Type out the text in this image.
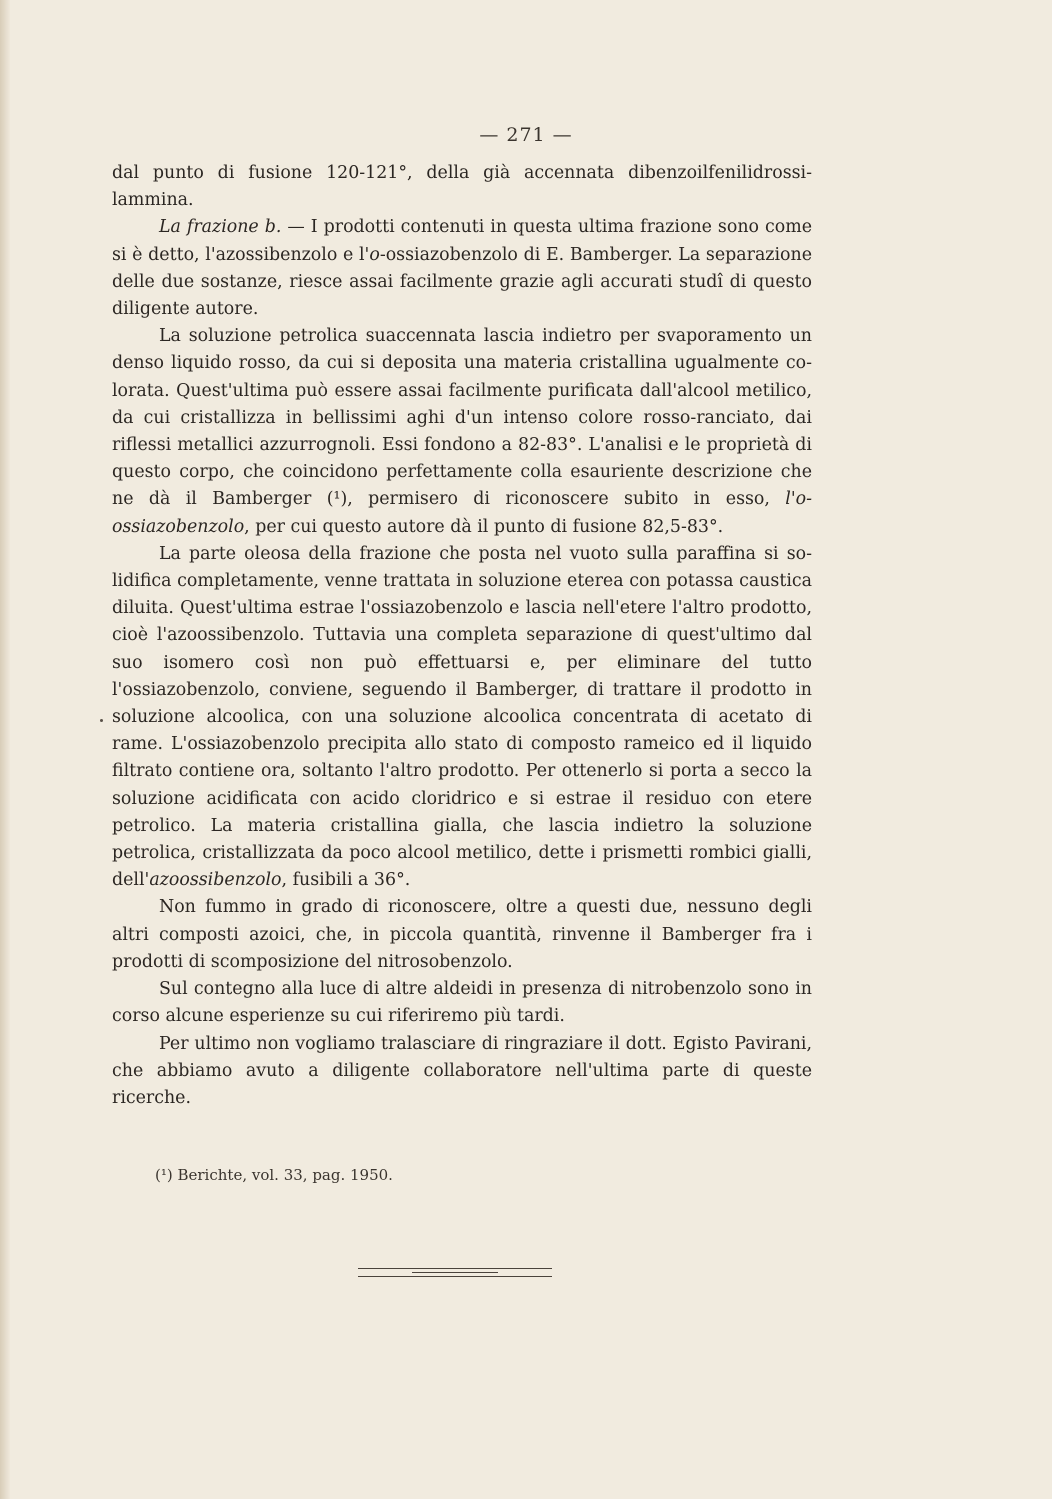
— 271 —

dal punto di fusione 120-121°, della già accennata dibenzoilfenilidrossilammina.

La frazione b. — I prodotti contenuti in questa ultima frazione sono come si è detto, l'azossibenzolo e l'o-ossiazobenzolo di E. Bamberger. La separazione delle due sostanze, riesce assai facilmente grazie agli accurati studî di questo diligente autore.

La soluzione petrolica suaccennata lascia indietro per svaporamento un denso liquido rosso, da cui si deposita una materia cristallina ugualmente colorata. Quest'ultima può essere assai facilmente purificata dall'alcool metilico, da cui cristallizza in bellissimi aghi d'un intenso colore rosso-ranciato, dai riflessi metallici azzurrognoli. Essi fondono a 82-83°. L'analisi e le proprietà di questo corpo, che coincidono perfettamente colla esauriente descrizione che ne dà il Bamberger (¹), permisero di riconoscere subito in esso, l'o-ossiazobenzolo, per cui questo autore dà il punto di fusione 82,5-83°.

La parte oleosa della frazione che posta nel vuoto sulla paraffina si solidifica completamente, venne trattata in soluzione eterea con potassa caustica diluita. Quest'ultima estrae l'ossiazobenzolo e lascia nell'etere l'altro prodotto, cioè l'azoossibenzolo. Tuttavia una completa separazione di quest'ultimo dal suo isomero così non può effettuarsi e, per eliminare del tutto l'ossiazobenzolo, conviene, seguendo il Bamberger, di trattare il prodotto in soluzione alcoolica, con una soluzione alcoolica concentrata di acetato di rame. L'ossiazobenzolo precipita allo stato di composto rameico ed il liquido filtrato contiene ora, soltanto l'altro prodotto. Per ottenerlo si porta a secco la soluzione acidificata con acido cloridrico e si estrae il residuo con etere petrolico. La materia cristallina gialla, che lascia indietro la soluzione petrolica, cristallizzata da poco alcool metilico, dette i prismetti rombici gialli, dell'azoossibenzolo, fusibili a 36°.

Non fummo in grado di riconoscere, oltre a questi due, nessuno degli altri composti azoici, che, in piccola quantità, rinvenne il Bamberger fra i prodotti di scomposizione del nitrosobenzolo.

Sul contegno alla luce di altre aldeidi in presenza di nitrobenzolo sono in corso alcune esperienze su cui riferiremo più tardi.

Per ultimo non vogliamo tralasciare di ringraziare il dott. Egisto Pavirani, che abbiamo avuto a diligente collaboratore nell'ultima parte di queste ricerche.

(¹) Berichte, vol. 33, pag. 1950.
